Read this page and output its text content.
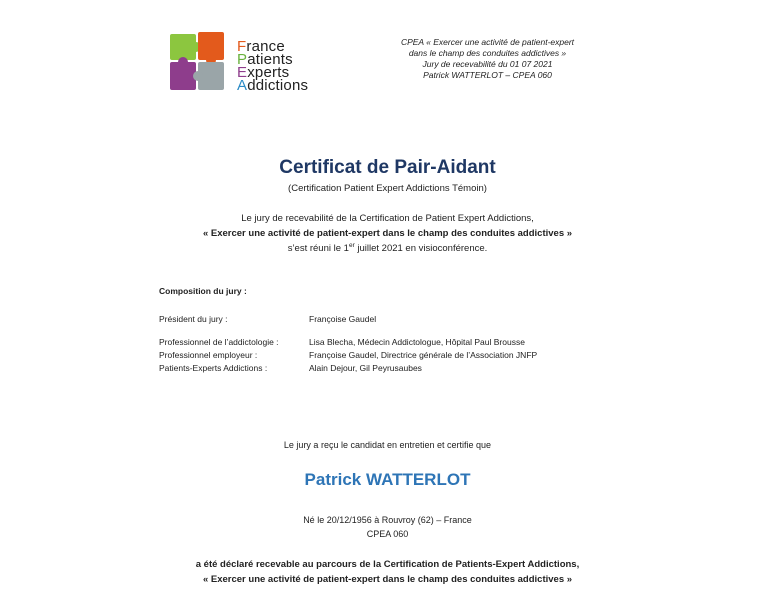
France
Patients
Experts
Addictions
CPEA « Exercer une activité de patient-expert
dans le champ des conduites addictives »
Jury de recevabilité du 01 07 2021
Patrick WATTERLOT – CPEA 060
Certificat de Pair-Aidant
(Certification Patient Expert Addictions Témoin)
Le jury de recevabilité de la Certification de Patient Expert Addictions,
« Exercer une activité de patient-expert dans le champ des conduites addictives »
s’est réuni le 1er juillet 2021 en visioconférence.
Composition du jury :
Président du jury :	Françoise Gaudel
Professionnel de l’addictologie :	Lisa Blecha, Médecin Addictologue, Hôpital Paul Brousse
Professionnel employeur :	Françoise Gaudel, Directrice générale de l’Association JNFP
Patients-Experts Addictions :	Alain Dejour, Gil Peyrusaubes
Le jury a reçu le candidat en entretien et certifie que
Patrick WATTERLOT
Né le 20/12/1956 à Rouvroy (62) – France
CPEA 060
a été déclaré recevable au parcours de la Certification de Patients-Expert Addictions,
« Exercer une activité de patient-expert dans le champ des conduites addictives »
